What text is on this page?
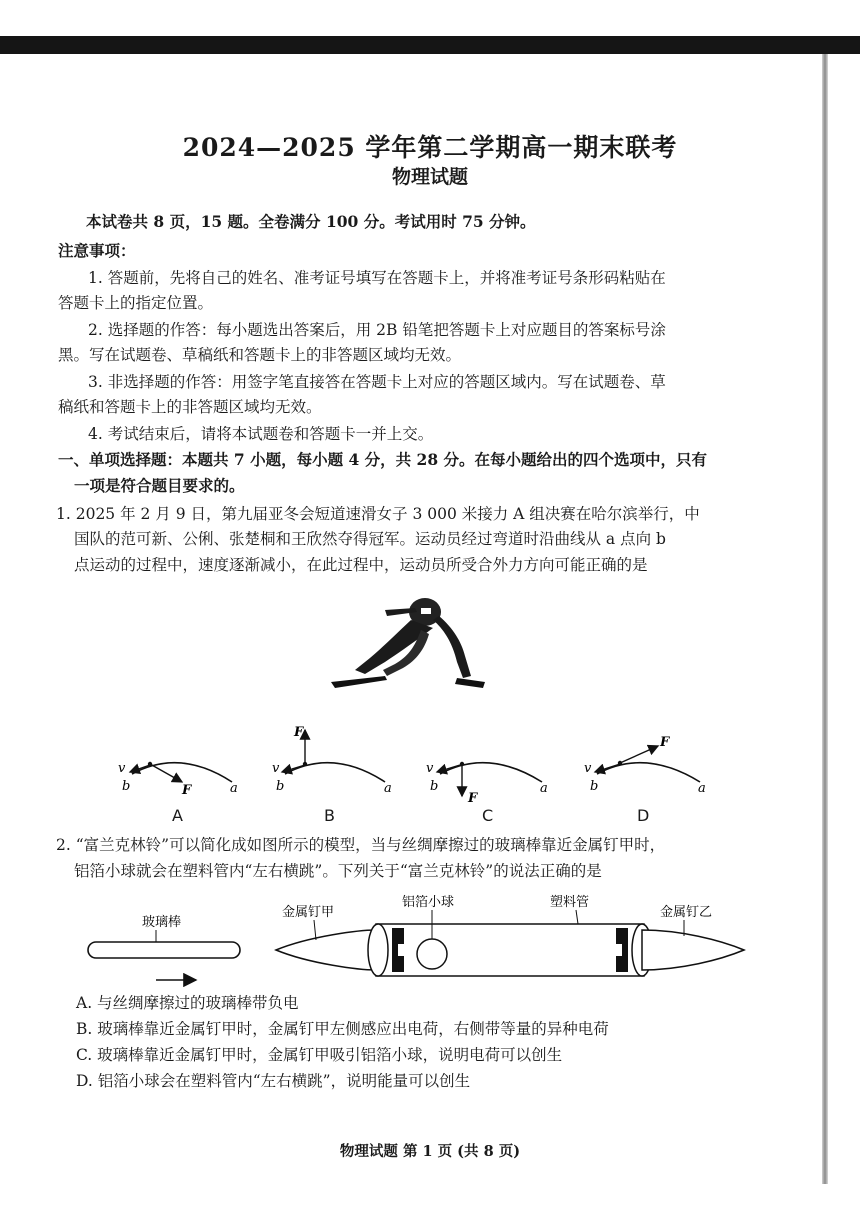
2024—2025 学年第二学期高一期末联考
物理试题
本试卷共 8 页，15 题。全卷满分 100 分。考试用时 75 分钟。
注意事项：
1. 答题前，先将自己的姓名、准考证号填写在答题卡上，并将准考证号条形码粘贴在
答题卡上的指定位置。
2. 选择题的作答：每小题选出答案后，用 2B 铅笔把答题卡上对应题目的答案标号涂
黑。写在试题卷、草稿纸和答题卡上的非答题区域均无效。
3. 非选择题的作答：用签字笔直接答在答题卡上对应的答题区域内。写在试题卷、草
稿纸和答题卡上的非答题区域均无效。
4. 考试结束后，请将本试题卷和答题卡一并上交。
一、单项选择题：本题共 7 小题，每小题 4 分，共 28 分。在每小题给出的四个选项中，只有
一项是符合题目要求的。
1. 2025 年 2 月 9 日，第九届亚冬会短道速滑女子 3 000 米接力 A 组决赛在哈尔滨举行，中
国队的范可新、公俐、张楚桐和王欣然夺得冠军。运动员经过弯道时沿曲线从 a 点向 b
点运动的过程中，速度逐渐减小，在此过程中，运动员所受合外力方向可能正确的是
v
b	a
F
v
b	a
F
v
b	a
F
v
b	a
F
A	B	C	D
2. “富兰克林铃”可以简化成如图所示的模型，当与丝绸摩擦过的玻璃棒靠近金属钉甲时，
铝箔小球就会在塑料管内“左右横跳”。下列关于“富兰克林铃”的说法正确的是
玻璃棒
金属钉甲
铝箔小球	塑料管
金属钉乙
A. 与丝绸摩擦过的玻璃棒带负电
B. 玻璃棒靠近金属钉甲时，金属钉甲左侧感应出电荷，右侧带等量的异种电荷
C. 玻璃棒靠近金属钉甲时，金属钉甲吸引铝箔小球，说明电荷可以创生
D. 铝箔小球会在塑料管内“左右横跳”，说明能量可以创生
物理试题 第 1 页 (共 8 页)
